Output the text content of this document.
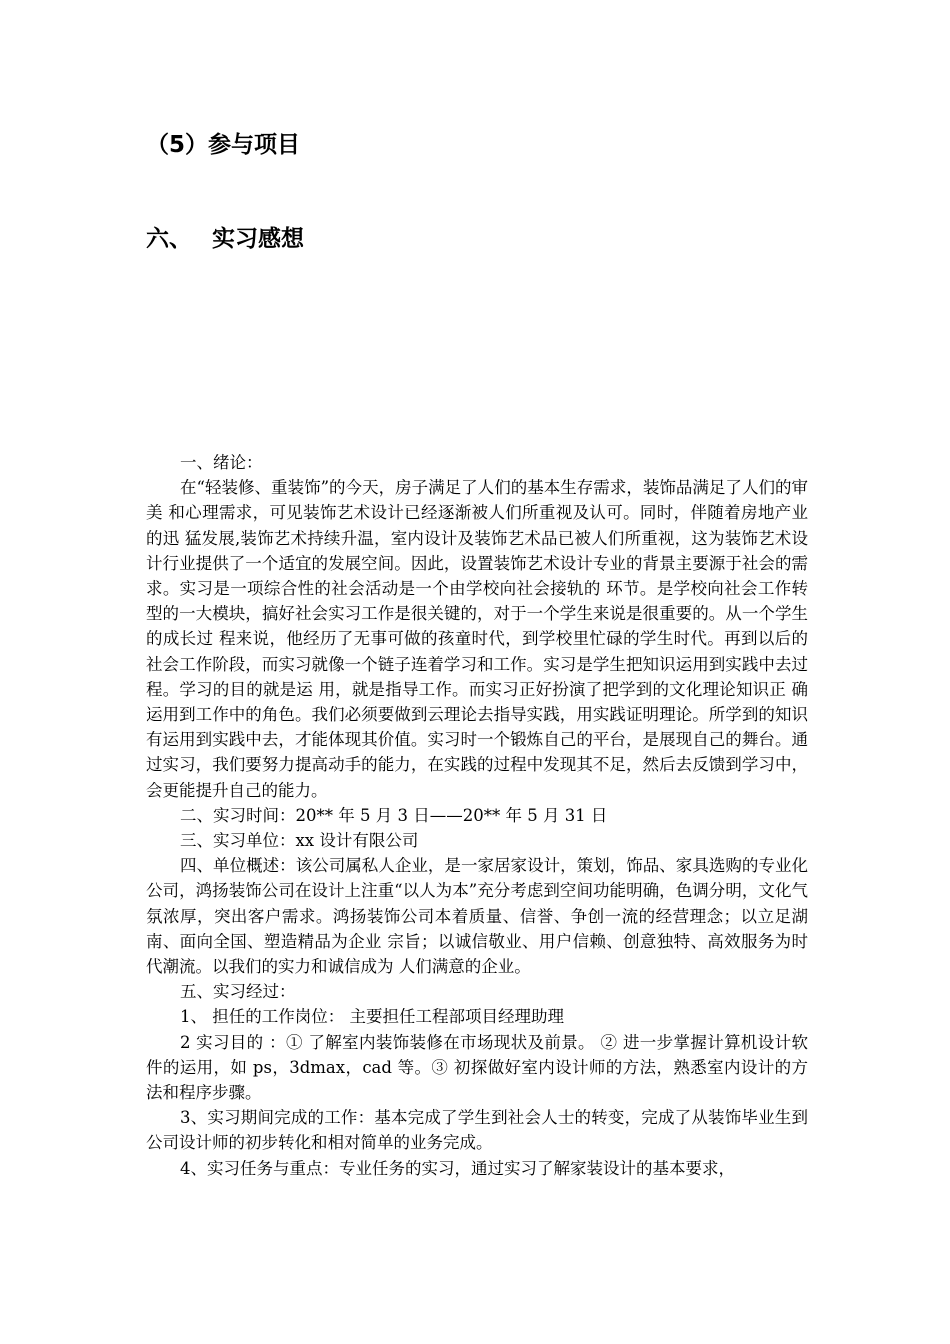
（5）参与项目
六、 实习感想

一、绪论：

在“轻装修、重装饰”的今天，房子满足了人们的基本生存需求，装饰品满足了人们的审美 和心理需求，可见装饰艺术设计已经逐渐被人们所重视及认可。同时，伴随着房地产业的迅 猛发展,装饰艺术持续升温，室内设计及装饰艺术品已被人们所重视，这为装饰艺术设计行业提供了一个适宜的发展空间。因此，设置装饰艺术设计专业的背景主要源于社会的需求。实习是一项综合性的社会活动是一个由学校向社会接轨的 环节。是学校向社会工作转型的一大模块，搞好社会实习工作是很关键的，对于一个学生来说是很重要的。从一个学生的成长过 程来说，他经历了无事可做的孩童时代，到学校里忙碌的学生时代。再到以后的社会工作阶段，而实习就像一个链子连着学习和工作。实习是学生把知识运用到实践中去过程。学习的目的就是运 用，就是指导工作。而实习正好扮演了把学到的文化理论知识正 确运用到工作中的角色。我们必须要做到云理论去指导实践，用实践证明理论。所学到的知识有运用到实践中去，才能体现其价值。实习时一个锻炼自己的平台，是展现自己的舞台。通过实习，我们要努力提高动手的能力，在实践的过程中发现其不足，然后去反馈到学习中，会更能提升自己的能力。

二、实习时间：20** 年 5 月 3 日——20** 年 5 月 31 日

三、实习单位：xx 设计有限公司

四、单位概述：该公司属私人企业，是一家居家设计，策划，饰品、家具选购的专业化公司，鸿扬装饰公司在设计上注重“以人为本”充分考虑到空间功能明确，色调分明，文化气氛浓厚，突出客户需求。鸿扬装饰公司本着质量、信誉、争创一流的经营理念；以立足湖南、面向全国、塑造精品为企业 宗旨；以诚信敬业、用户信赖、创意独特、高效服务为时代潮流。以我们的实力和诚信成为 人们满意的企业。

五、实习经过：

1、 担任的工作岗位： 主要担任工程部项目经理助理

2 实习目的 ：① 了解室内装饰装修在市场现状及前景。 ② 进一步掌握计算机设计软件的运用，如 ps，3dmax，cad 等。③ 初探做好室内设计师的方法，熟悉室内设计的方法和程序步骤。

3、实习期间完成的工作：基本完成了学生到社会人士的转变，完成了从装饰毕业生到公司设计师的初步转化和相对简单的业务完成。

4、实习任务与重点：专业任务的实习，通过实习了解家装设计的基本要求，
